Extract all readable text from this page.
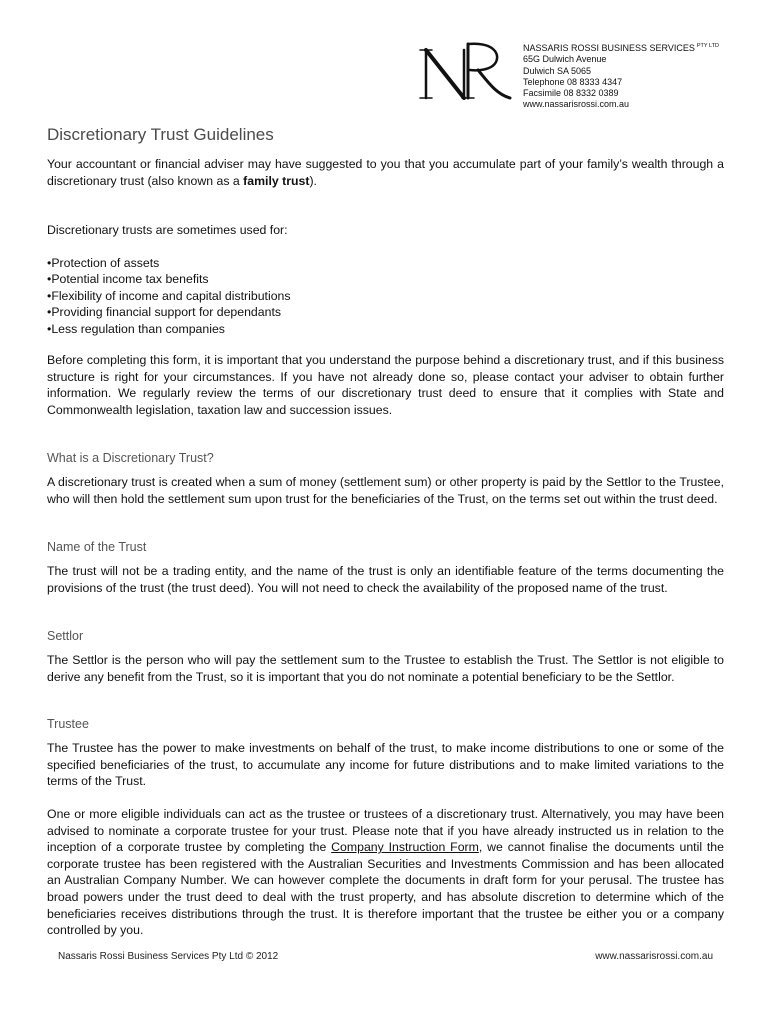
NASSARIS ROSSI BUSINESS SERVICES $^{PTY LTD}$
65G Dulwich Avenue
Dulwich SA 5065
Telephone 08 8333 4347
Facsimile 08 8332 0389
www.nassarisrossi.com.au
Discretionary Trust Guidelines

Your accountant or financial adviser may have suggested to you that you accumulate part of your family’s wealth through a discretionary trust (also known as a family trust).

Discretionary trusts are sometimes used for:

• Protection of assets
• Potential income tax benefits
• Flexibility of income and capital distributions
• Providing financial support for dependants
• Less regulation than companies

Before completing this form, it is important that you understand the purpose behind a discretionary trust, and if this business structure is right for your circumstances. If you have not already done so, please contact your adviser to obtain further information. We regularly review the terms of our discretionary trust deed to ensure that it complies with State and Commonwealth legislation, taxation law and succession issues.

What is a Discretionary Trust?

A discretionary trust is created when a sum of money (settlement sum) or other property is paid by the Settlor to the Trustee, who will then hold the settlement sum upon trust for the beneficiaries of the Trust, on the terms set out within the trust deed.

Name of the Trust

The trust will not be a trading entity, and the name of the trust is only an identifiable feature of the terms documenting the provisions of the trust (the trust deed). You will not need to check the availability of the proposed name of the trust.

Settlor

The Settlor is the person who will pay the settlement sum to the Trustee to establish the Trust. The Settlor is not eligible to derive any benefit from the Trust, so it is important that you do not nominate a potential beneficiary to be the Settlor.

Trustee

The Trustee has the power to make investments on behalf of the trust, to make income distributions to one or some of the specified beneficiaries of the trust, to accumulate any income for future distributions and to make limited variations to the terms of the Trust.

One or more eligible individuals can act as the trustee or trustees of a discretionary trust. Alternatively, you may have been advised to nominate a corporate trustee for your trust. Please note that if you have already instructed us in relation to the inception of a corporate trustee by completing the Company Instruction Form, we cannot finalise the documents until the corporate trustee has been registered with the Australian Securities and Investments Commission and has been allocated an Australian Company Number. We can however complete the documents in draft form for your perusal. The trustee has broad powers under the trust deed to deal with the trust property, and has absolute discretion to determine which of the beneficiaries receives distributions through the trust. It is therefore important that the trustee be either you or a company controlled by you.

Nassaris Rossi Business Services Pty Ltd © 2012	www.nassarisrossi.com.au
